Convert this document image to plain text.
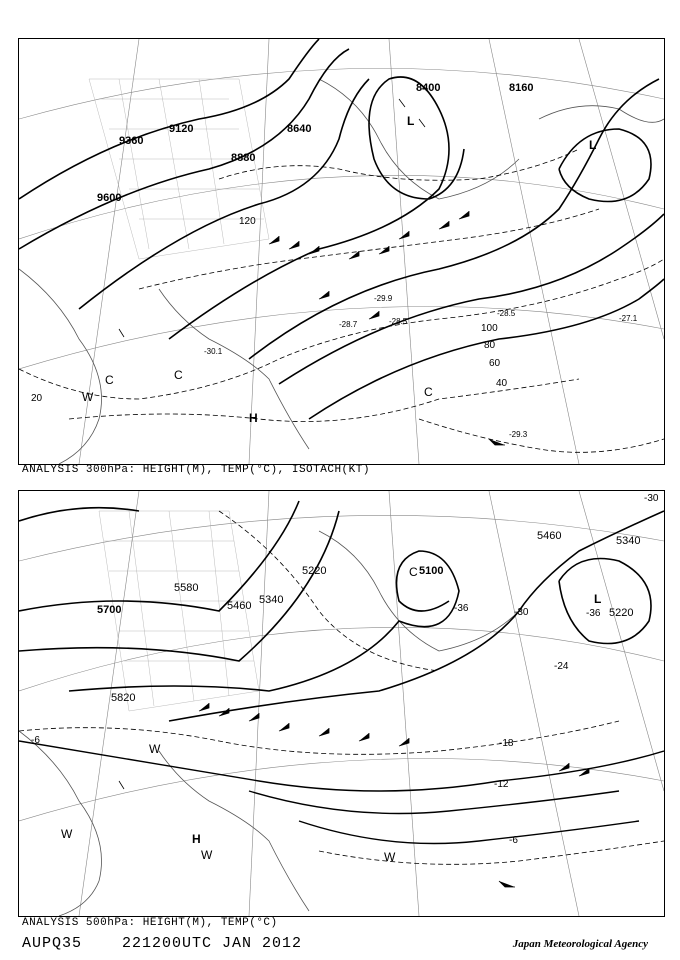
9600
9360
9120
8880
8640
8400	8160
20
40
60
80
100
120
-29.9
-28.5
-27.1
-30.1
-29.3
-28.7	-28.5
L
L
H
C	C
C
W
ANALYSIS 300hPa: HEIGHT(M), TEMP(°C), ISOTACH(KT)
5700
5820
5580
5460 5340
5220	5100
5460	5340
5220
-6
-12
-18
-24
-30
-36	-36
-30
-6
C
L
H
W
W
W	W
ANALYSIS 500hPa: HEIGHT(M), TEMP(°C)
AUPQ35	221200UTC JAN 2012	Japan Meteorological Agency
